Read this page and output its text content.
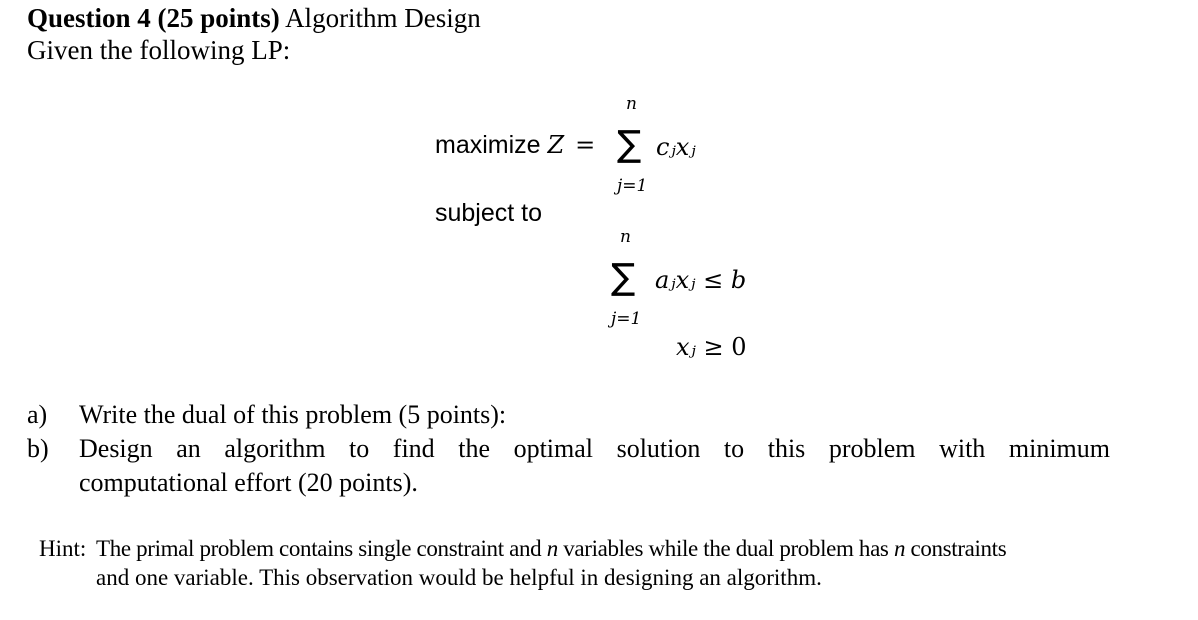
Question 4 (25 points) Algorithm Design
Given the following LP:
maximize Z =
n
∑
j=1
cⱼxⱼ
subject to
n
∑
j=1
aⱼxⱼ ≤ b
xⱼ ≥ 0
a) Write the dual of this problem (5 points):
b) Design an algorithm to find the optimal solution to this problem with minimum
computational effort (20 points).
Hint: The primal problem contains single constraint and n variables while the dual problem has n constraints
and one variable. This observation would be helpful in designing an algorithm.
